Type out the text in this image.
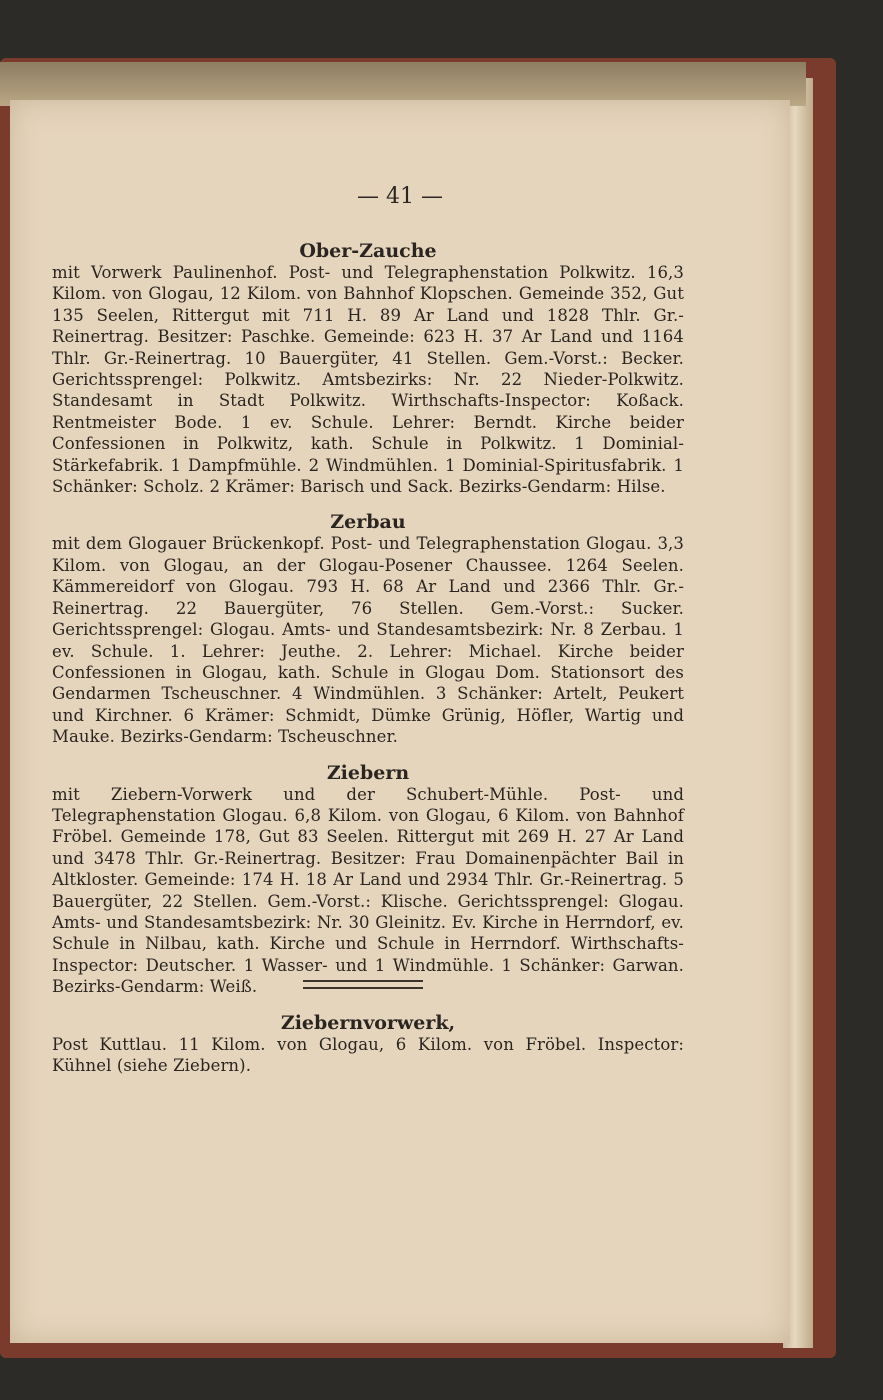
— 41 —
Ober-Zauche
mit Vorwerk Paulinenhof. Post- und Telegraphenstation Polkwitz. 16,3 Kilom. von Glogau, 12 Kilom. von Bahnhof Klopschen. Gemeinde 352, Gut 135 Seelen, Rittergut mit 711 H. 89 Ar Land und 1828 Thlr. Gr.-Reinertrag. Besitzer: Paschke. Gemeinde: 623 H. 37 Ar Land und 1164 Thlr. Gr.-Reinertrag. 10 Bauergüter, 41 Stellen. Gem.-Vorst.: Becker. Gerichtssprengel: Polkwitz. Amtsbezirks: Nr. 22 Nieder-Polkwitz. Standesamt in Stadt Polkwitz. Wirthschafts-Inspector: Koßack. Rentmeister Bode. 1 ev. Schule. Lehrer: Berndt. Kirche beider Confessionen in Polkwitz, kath. Schule in Polkwitz. 1 Dominial-Stärkefabrik. 1 Dampfmühle. 2 Windmühlen. 1 Dominial-Spiritusfabrik. 1 Schänker: Scholz. 2 Krämer: Barisch und Sack. Bezirks-Gendarm: Hilse.
Zerbau
mit dem Glogauer Brückenkopf. Post- und Telegraphenstation Glogau. 3,3 Kilom. von Glogau, an der Glogau-Posener Chaussee. 1264 Seelen. Kämmereidorf von Glogau. 793 H. 68 Ar Land und 2366 Thlr. Gr.-Reinertrag. 22 Bauergüter, 76 Stellen. Gem.-Vorst.: Sucker. Gerichtssprengel: Glogau. Amts- und Standesamtsbezirk: Nr. 8 Zerbau. 1 ev. Schule. 1. Lehrer: Jeuthe. 2. Lehrer: Michael. Kirche beider Confessionen in Glogau, kath. Schule in Glogau Dom. Stationsort des Gendarmen Tscheuschner. 4 Windmühlen. 3 Schänker: Artelt, Peukert und Kirchner. 6 Krämer: Schmidt, Dümke Grünig, Höfler, Wartig und Mauke. Bezirks-Gendarm: Tscheuschner.
Ziebern
mit Ziebern-Vorwerk und der Schubert-Mühle. Post- und Telegraphenstation Glogau. 6,8 Kilom. von Glogau, 6 Kilom. von Bahnhof Fröbel. Gemeinde 178, Gut 83 Seelen. Rittergut mit 269 H. 27 Ar Land und 3478 Thlr. Gr.-Reinertrag. Besitzer: Frau Domainenpächter Bail in Altkloster. Gemeinde: 174 H. 18 Ar Land und 2934 Thlr. Gr.-Reinertrag. 5 Bauergüter, 22 Stellen. Gem.-Vorst.: Klische. Gerichtssprengel: Glogau. Amts- und Standesamtsbezirk: Nr. 30 Gleinitz. Ev. Kirche in Herrndorf, ev. Schule in Nilbau, kath. Kirche und Schule in Herrndorf. Wirthschafts-Inspector: Deutscher. 1 Wasser- und 1 Windmühle. 1 Schänker: Garwan. Bezirks-Gendarm: Weiß.
Ziebernvorwerk,
Post Kuttlau. 11 Kilom. von Glogau, 6 Kilom. von Fröbel. Inspector: Kühnel (siehe Ziebern).
